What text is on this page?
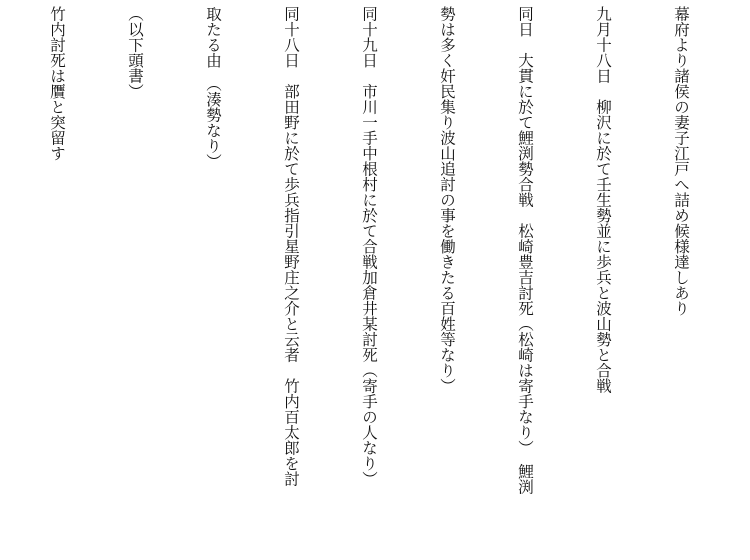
幕府より諸侯の妻子江戸へ詰め候様達しあり

九月十八日　柳沢に於て壬生勢並に歩兵と波山勢と合戦

同日　大貫に於て鯉渕勢合戦　松崎豊吉討死（松崎は寄手なり）　鯉渕

勢は多く奸民集り波山追討の事を働きたる百姓等なり）

同十九日　市川一手中根村に於て合戦加倉井某討死（寄手の人なり）

同十八日　部田野に於て歩兵指引星野庄之介と云者　竹内百太郎を討

取たる由　（湊勢なり）

（以下頭書）

竹内討死は贋と突留す
